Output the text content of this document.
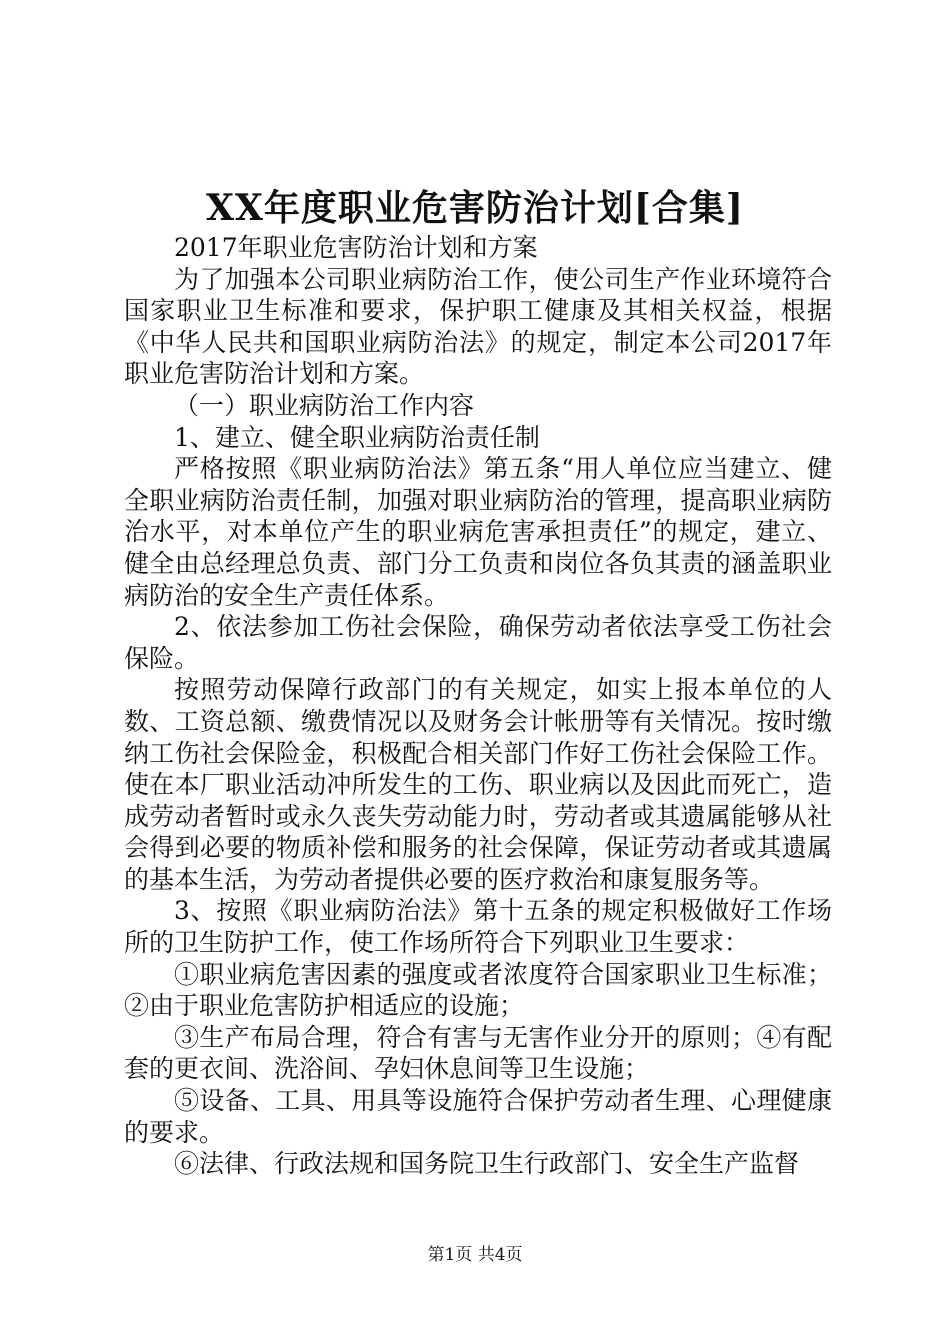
XX年度职业危害防治计划[合集]

2017年职业危害防治计划和方案

为了加强本公司职业病防治工作，使公司生产作业环境符合国家职业卫生标准和要求，保护职工健康及其相关权益，根据《中华人民共和国职业病防治法》的规定，制定本公司2017年职业危害防治计划和方案。

（一）职业病防治工作内容

1、建立、健全职业病防治责任制

严格按照《职业病防治法》第五条“用人单位应当建立、健全职业病防治责任制，加强对职业病防治的管理，提高职业病防治水平，对本单位产生的职业病危害承担责任”的规定，建立、健全由总经理总负责、部门分工负责和岗位各负其责的涵盖职业病防治的安全生产责任体系。

2、依法参加工伤社会保险，确保劳动者依法享受工伤社会保险。

按照劳动保障行政部门的有关规定，如实上报本单位的人数、工资总额、缴费情况以及财务会计帐册等有关情况。按时缴纳工伤社会保险金，积极配合相关部门作好工伤社会保险工作。使在本厂职业活动冲所发生的工伤、职业病以及因此而死亡，造成劳动者暂时或永久丧失劳动能力时，劳动者或其遗属能够从社会得到必要的物质补偿和服务的社会保障，保证劳动者或其遗属的基本生活，为劳动者提供必要的医疗救治和康复服务等。

3、按照《职业病防治法》第十五条的规定积极做好工作场所的卫生防护工作，使工作场所符合下列职业卫生要求：

①职业病危害因素的强度或者浓度符合国家职业卫生标准；②由于职业危害防护相适应的设施；

③生产布局合理，符合有害与无害作业分开的原则；④有配套的更衣间、洗浴间、孕妇休息间等卫生设施；

⑤设备、工具、用具等设施符合保护劳动者生理、心理健康的要求。

⑥法律、行政法规和国务院卫生行政部门、安全生产监督

第1页 共4页
